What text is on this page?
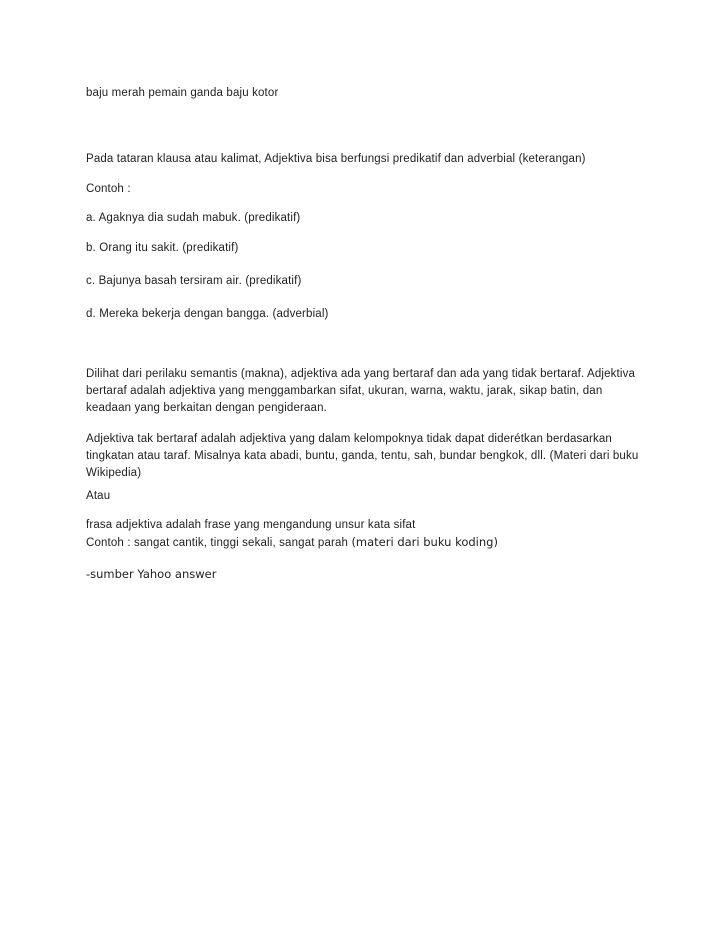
baju merah pemain ganda baju kotor
Pada tataran klausa atau kalimat, Adjektiva bisa berfungsi predikatif dan adverbial (keterangan)
Contoh :
a. Agaknya dia sudah mabuk. (predikatif)
b. Orang itu sakit. (predikatif)
c. Bajunya basah tersiram air. (predikatif)
d. Mereka bekerja dengan bangga. (adverbial)
Dilihat dari perilaku semantis (makna), adjektiva ada yang bertaraf dan ada yang tidak bertaraf. Adjektiva
bertaraf adalah adjektiva yang menggambarkan sifat, ukuran, warna, waktu, jarak, sikap batin, dan
keadaan yang berkaitan dengan pengideraan.
Adjektiva tak bertaraf adalah adjektiva yang dalam kelompoknya tidak dapat diderétkan berdasarkan
tingkatan atau taraf. Misalnya kata abadi, buntu, ganda, tentu, sah, bundar bengkok, dll. (Materi dari buku
Wikipedia)
Atau
frasa adjektiva adalah frase yang mengandung unsur kata sifat
Contoh : sangat cantik, tinggi sekali, sangat parah (materi dari buku koding)
-sumber Yahoo answer
